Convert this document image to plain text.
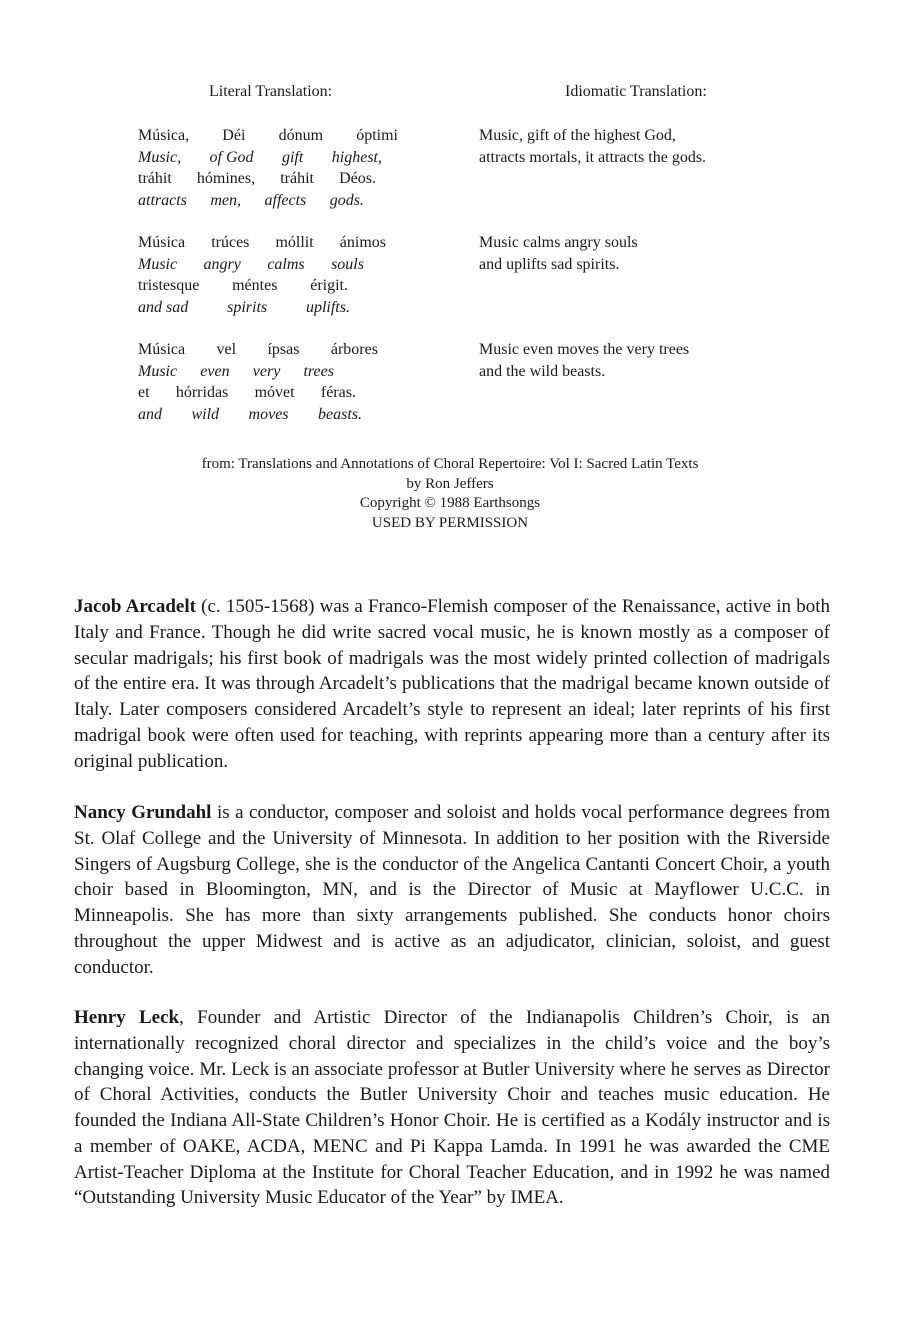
Literal Translation:	Idiomatic Translation:
Música, Déi dónum óptimi
Music, of God gift highest,
tráhit hómines, tráhit Déos.
attracts men, affects gods.
Music, gift of the highest God,
attracts mortals, it attracts the gods.
Música trúces móllit ánimos
Music angry calms souls
tristesque méntes érigit.
and sad spirits uplifts.
Music calms angry souls
and uplifts sad spirits.
Música vel ípsas árbores
Music even very trees
et hórridas móvet féras.
and wild moves beasts.
Music even moves the very trees
and the wild beasts.
from: Translations and Annotations of Choral Repertoire: Vol I: Sacred Latin Texts
by Ron Jeffers
Copyright © 1988 Earthsongs
USED BY PERMISSION

Jacob Arcadelt (c. 1505-1568) was a Franco-Flemish composer of the Renaissance, active in both Italy and France. Though he did write sacred vocal music, he is known mostly as a composer of secular madrigals; his first book of madrigals was the most widely printed collection of madrigals of the entire era. It was through Arcadelt’s publications that the madrigal became known outside of Italy. Later composers considered Arcadelt’s style to represent an ideal; later reprints of his first madrigal book were often used for teaching, with reprints appearing more than a century after its original publication.

Nancy Grundahl is a conductor, composer and soloist and holds vocal performance degrees from St. Olaf College and the University of Minnesota. In addition to her position with the Riverside Singers of Augsburg College, she is the conductor of the Angelica Cantanti Concert Choir, a youth choir based in Bloomington, MN, and is the Director of Music at Mayflower U.C.C. in Minneapolis. She has more than sixty arrangements published. She conducts honor choirs throughout the upper Midwest and is active as an adjudicator, clinician, soloist, and guest conductor.

Henry Leck, Founder and Artistic Director of the Indianapolis Children’s Choir, is an internationally recognized choral director and specializes in the child’s voice and the boy’s changing voice. Mr. Leck is an associate professor at Butler University where he serves as Director of Choral Activities, conducts the Butler University Choir and teaches music education. He founded the Indiana All-State Children’s Honor Choir. He is certified as a Kodály instructor and is a member of OAKE, ACDA, MENC and Pi Kappa Lamda. In 1991 he was awarded the CME Artist-Teacher Diploma at the Institute for Choral Teacher Education, and in 1992 he was named “Outstanding University Music Educator of the Year” by IMEA.
